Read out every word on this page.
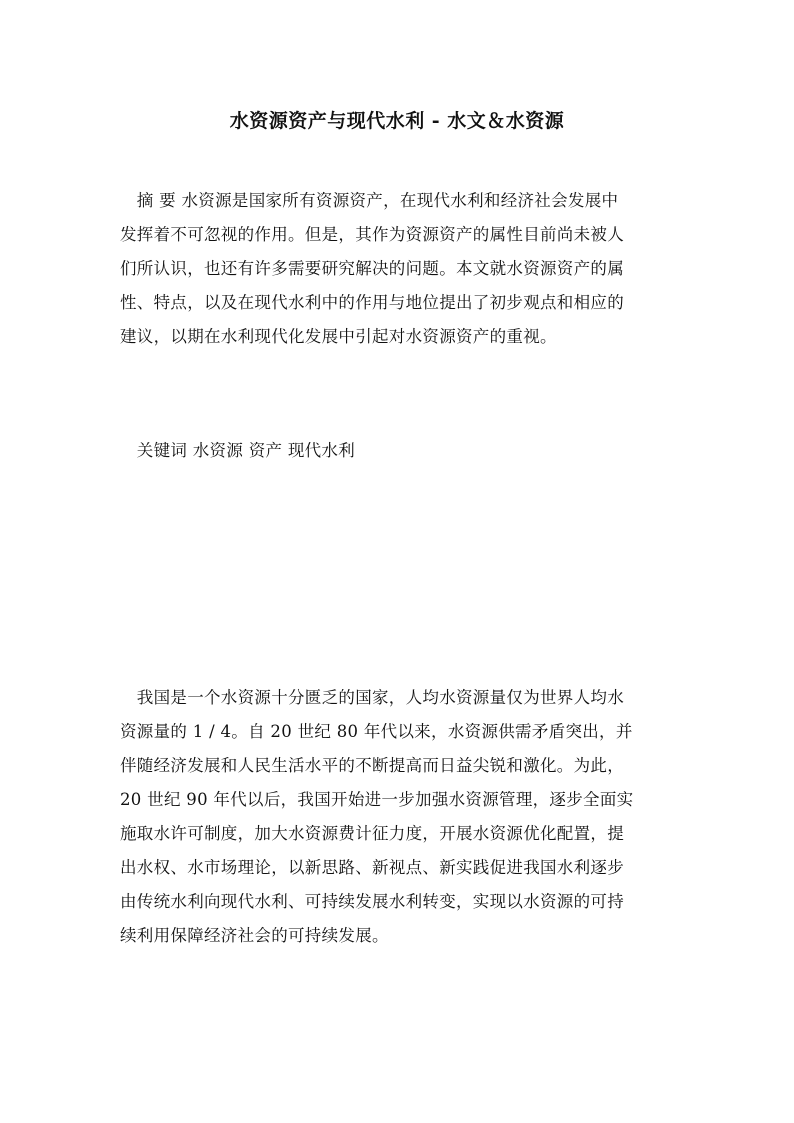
水资源资产与现代水利 - 水文＆水资源
　摘 要 水资源是国家所有资源资产，在现代水利和经济社会发展中
发挥着不可忽视的作用。但是，其作为资源资产的属性目前尚未被人
们所认识，也还有许多需要研究解决的问题。本文就水资源资产的属
性、特点，以及在现代水利中的作用与地位提出了初步观点和相应的
建议，以期在水利现代化发展中引起对水资源资产的重视。
　关键词 水资源 资产 现代水利
　我国是一个水资源十分匮乏的国家，人均水资源量仅为世界人均水
资源量的 1 / 4。自 20 世纪 80 年代以来，水资源供需矛盾突出，并
伴随经济发展和人民生活水平的不断提高而日益尖锐和激化。为此，
20 世纪 90 年代以后，我国开始进一步加强水资源管理，逐步全面实
施取水许可制度，加大水资源费计征力度，开展水资源优化配置，提
出水权、水市场理论，以新思路、新视点、新实践促进我国水利逐步
由传统水利向现代水利、可持续发展水利转变，实现以水资源的可持
续利用保障经济社会的可持续发展。
